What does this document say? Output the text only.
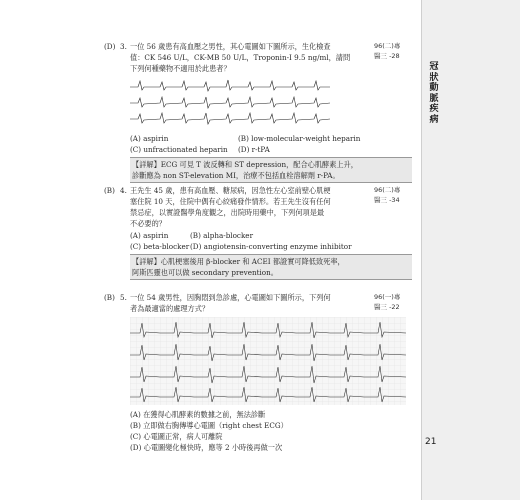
冠
狀
動
脈
疾
病
21
(D) 3. 一位 56 歲患有高血壓之男性，其心電圖如下圖所示，生化檢查
值：CK 546 U/L，CK-MB 50 U/L，Troponin-I 9.5 ng/ml，請問
下列何種藥物不適用於此患者？
(A) aspirin	(B) low-molecular-weight heparin
(C) unfractionated heparin	(D) r-tPA
【詳解】ECG 可見 T 波反轉和 ST depression，配合心肌酵素上升，
診斷應為 non ST-elevation MI，治療不包括血栓溶解劑 r-PA。
96(二)專
醫三 -28
(B) 4. 王先生 45 歲，患有高血壓、糖尿病，因急性左心室前壁心肌梗
塞住院 10 天，住院中偶有心絞痛發作情形。若王先生沒有任何
禁忌症，以實證醫學角度觀之，出院時用藥中，下列何項是最
不必要的？
(A) aspirin	(B) alpha-blocker
(C) beta-blocker (D) angiotensin-converting enzyme inhibitor
【詳解】心肌梗塞後用 β-blocker 和 ACEI 都證實可降低致死率，
阿斯匹靈也可以做 secondary prevention。
96(二)專
醫三 -34
(B) 5. 一位 54 歲男性，因胸悶到急診處，心電圖如下圖所示，下列何
者為最適當的處理方式？
(A) 在獲得心肌酵素的數據之前，無法診斷
(B) 立即做右胸傳導心電圖（right chest ECG）
(C) 心電圖正常，病人可離院
(D) 心電圖變化極快時，應等 2 小時後再做一次
96(一)專
醫三 -22
